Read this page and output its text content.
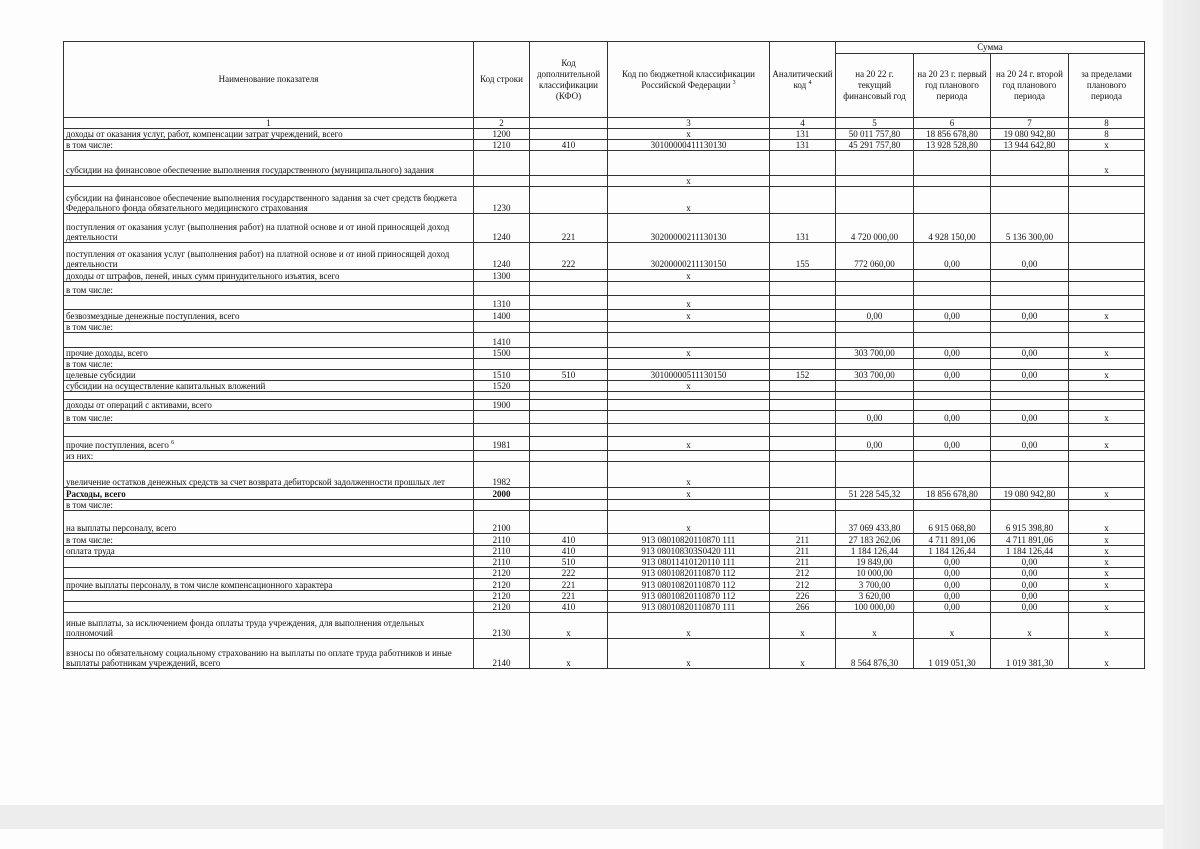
Наименование показателя	Код строки	Код дополнительной классификации (КФО)	Код по бюджетной классификации Российской Федерации $^3$	Аналитический код $^4$	Сумма			
					на 20 22 г. текущий финансовый год	на 20 23 г. первый год планового периода	на 20 24 г. второй год планового периода	за пределами планового периода
1	2		3	4	5	6	7	8
доходы от оказания услуг, работ, компенсации затрат учреждений, всего	1200		х	131	50 011 757,80	18 856 678,80	19 080 942,80	8
в том числе:	1210	410	30100000411130130	131	45 291 757,80	13 928 528,80	13 944 642,80	х
субсидии на финансовое обеспечение выполнения государственного (муниципального) задания								х
			х					
субсидии на финансовое обеспечение выполнения государственного задания за счет средств бюджета Федерального фонда обязательного медицинского страхования	1230		х					
поступления от оказания услуг (выполнения работ) на платной основе и от иной приносящей доход деятельности	1240	221	30200000211130130	131	4 720 000,00	4 928 150,00	5 136 300,00	
поступления от оказания услуг (выполнения работ) на платной основе и от иной приносящей доход деятельности	1240	222	30200000211130150	155	772 060,00	0,00	0,00	
доходы от штрафов, пеней, иных сумм принудительного изъятия, всего	1300		х					
в том числе:								
	1310		х					
безвозмездные денежные поступления, всего	1400		х		0,00	0,00	0,00	х
в том числе:								
	1410							
прочие доходы, всего	1500		х		303 700,00	0,00	0,00	х
в том числе:								
целевые субсидии	1510	510	30100000511130150	152	303 700,00	0,00	0,00	х
субсидии на осуществление капитальных вложений	1520		х					

доходы от операций с активами, всего	1900							
в том числе:					0,00	0,00	0,00	х

прочие поступления, всего $^6$	1981		х		0,00	0,00	0,00	х
из них:								
увеличение остатков денежных средств за счет возврата дебиторской задолженности прошлых лет	1982		х					
Расходы, всего	2000		х		51 228 545,32	18 856 678,80	19 080 942,80	х
в том числе:								
на выплаты персоналу, всего	2100		х		37 069 433,80	6 915 068,80	6 915 398,80	х
в том числе:	2110	410	913 08010820110870 111	211	27 183 262,06	4 711 891,06	4 711 891,06	х
оплата труда	2110	410	913 080108303S0420 111	211	1 184 126,44	1 184 126,44	1 184 126,44	х
	2110	510	913 08011410120110 111	211	19 849,00	0,00	0,00	х
	2120	222	913 08010820110870 112	212	10 000,00	0,00	0,00	х
прочие выплаты персоналу, в том числе компенсационного характера	2120	221	913 08010820110870 112	212	3 700,00	0,00	0,00	х
	2120	221	913 08010820110870 112	226	3 620,00	0,00	0,00	
	2120	410	913 08010820110870 111	266	100 000,00	0,00	0,00	х
иные выплаты, за исключением фонда оплаты труда учреждения, для выполнения отдельных полномочий	2130	х	х	х	х	х	х	х
взносы по обязательному социальному страхованию на выплаты по оплате труда работников и иные выплаты работникам учреждений, всего	2140	х	х	х	8 564 876,30	1 019 051,30	1 019 381,30	х
